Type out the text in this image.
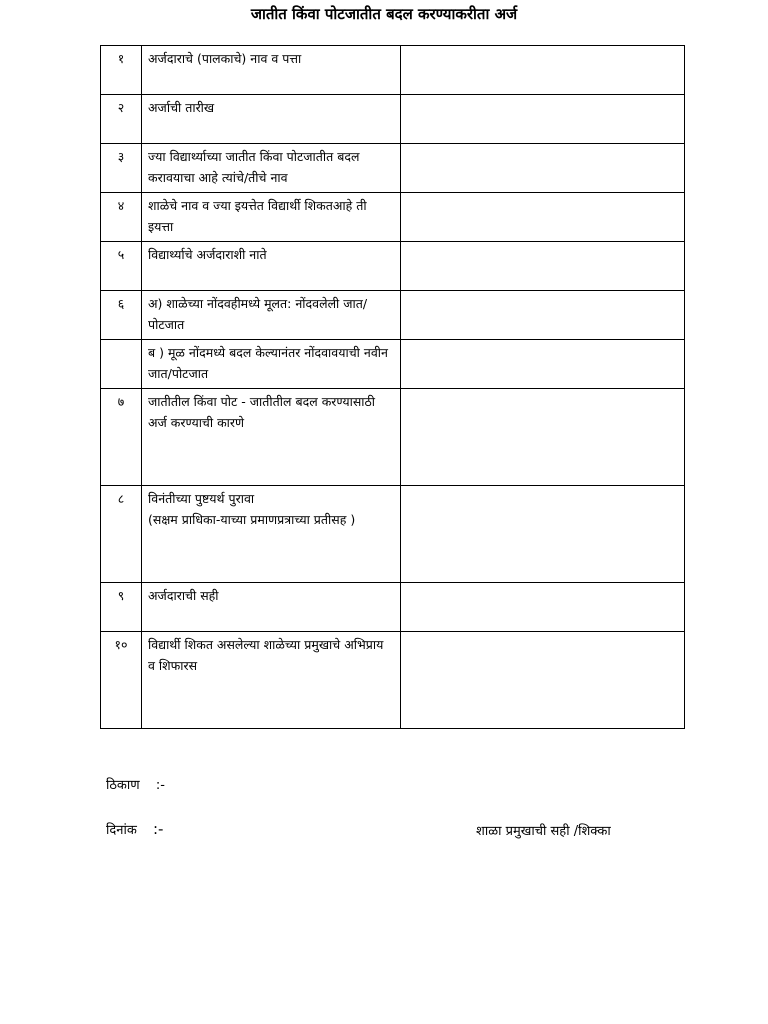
जातीत किंवा पोटजातीत बदल करण्याकरीता अर्ज
१	अर्जदाराचे (पालकाचे) नाव व पत्ता	
२	अर्जाची तारीख	
३	ज्या विद्यार्थ्याच्या जातीत किंवा पोटजातीत बदल करावयाचा आहे त्यांचे/तीचे नाव	
४	शाळेचे नाव व ज्या इयत्तेत विद्यार्थी शिकतआहे ती इयत्ता	
५	विद्यार्थ्याचे अर्जदाराशी नाते	
६	अ) शाळेच्या नोंदवहीमध्ये मूलत: नोंदवलेली जात/ पोटजात	
	ब ) मूळ नोंदमध्ये बदल केल्यानंतर नोंदवावयाची नवीन जात/पोटजात	
७	जातीतील किंवा पोट - जातीतील बदल करण्यासाठी अर्ज करण्याची कारणे	
८	विनंतीच्या पुष्टयर्थ पुरावा
(सक्षम प्राधिका-याच्या प्रमाणप्रत्राच्या प्रतीसह )	
९	अर्जदाराची सही	
१०	विद्यार्थी शिकत असलेल्या शाळेच्या प्रमुखाचे अभिप्राय व शिफारस	
ठिकाण :-
दिनांक :-	शाळा प्रमुखाची सही /शिक्का
